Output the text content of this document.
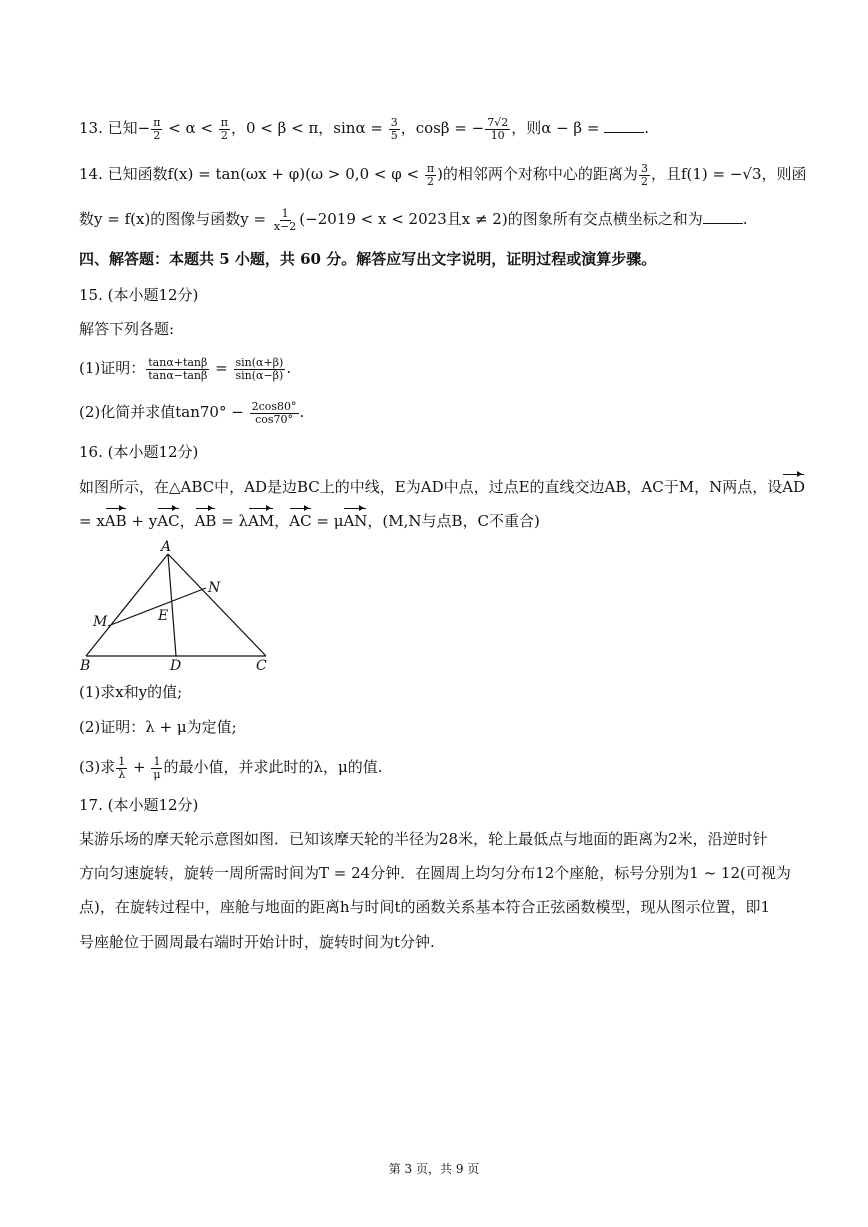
13. 已知− $\frac{\pi}{2} < \alpha < \frac{\pi}{2}$ ，0 < β < π，$\sin\alpha = \frac{3}{5}$ ，cosβ = − $\frac{7√2}{10}$ ，则α − β =	.
14. 已知函数$f(x) = \tan(\omega x + \varphi)(\omega > 0,0 < \varphi < \frac{\pi}{2}$ )的相邻两个对称中心的距离为 $\frac{3}{2}$ ，且f(1) = −√3，则函
数y = f(x)的图像与函数$y = \frac{1}{x-2} (-2019 < x < 2023$且x ≠ 2)的图象所有交点横坐标之和为	.
四、解答题：本题共 5 小题，共 60 分。解答应写出文字说明，证明过程或演算步骤。
15. (本小题12分)
解答下列各题:
(1)证明： $\frac{\tan\alpha+\tan\beta}{\tan\alpha-\tan\beta} = \frac{\sin(\alpha+\beta)}{\sin(\alpha-\beta)}$ .
(2)化简并求值$\tan 70^\circ - \frac{2\cos 80^\circ}{\cos 70^\circ}$ .
16. (本小题12分)
如图所示，在△ABC中，AD是边BC上的中线，E为AD中点，过点E的直线交边AB，AC于M，N两点，设AD
= xAB + yAC，AB = λAM，AC = μAN，(M,N与点B，C不重合)
A
B	C
D
E
M
N
(1)求x和y的值;
(2)证明：λ + μ为定值;
(3)求 $\frac{1}{\lambda} + \frac{1}{\mu}$ 的最小值，并求此时的λ，μ的值.
17. (本小题12分)
某游乐场的摩天轮示意图如图．已知该摩天轮的半径为28米，轮上最低点与地面的距离为2米，沿逆时针
方向匀速旋转，旋转一周所需时间为T = 24分钟．在圆周上均匀分布12个座舱，标号分别为1 ~ 12(可视为
点)，在旋转过程中，座舱与地面的距离h与时间t的函数关系基本符合正弦函数模型，现从图示位置，即1
号座舱位于圆周最右端时开始计时，旋转时间为t分钟.
第 3 页，共 9 页
